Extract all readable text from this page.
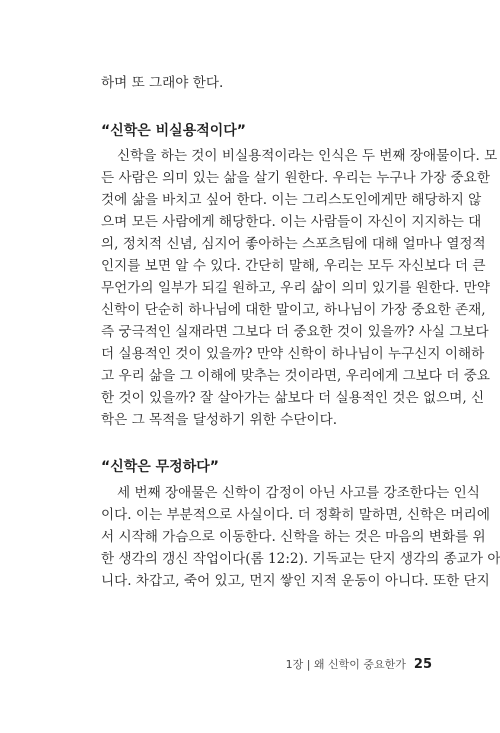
하며 또 그래야 한다.
“신학은 비실용적이다”
신학을 하는 것이 비실용적이라는 인식은 두 번째 장애물이다. 모
든 사람은 의미 있는 삶을 살기 원한다. 우리는 누구나 가장 중요한
것에 삶을 바치고 싶어 한다. 이는 그리스도인에게만 해당하지 않
으며 모든 사람에게 해당한다. 이는 사람들이 자신이 지지하는 대
의, 정치적 신념, 심지어 좋아하는 스포츠팀에 대해 얼마나 열정적
인지를 보면 알 수 있다. 간단히 말해, 우리는 모두 자신보다 더 큰
무언가의 일부가 되길 원하고, 우리 삶이 의미 있기를 원한다. 만약
신학이 단순히 하나님에 대한 말이고, 하나님이 가장 중요한 존재,
즉 궁극적인 실재라면 그보다 더 중요한 것이 있을까? 사실 그보다
더 실용적인 것이 있을까? 만약 신학이 하나님이 누구신지 이해하
고 우리 삶을 그 이해에 맞추는 것이라면, 우리에게 그보다 더 중요
한 것이 있을까? 잘 살아가는 삶보다 더 실용적인 것은 없으며, 신
학은 그 목적을 달성하기 위한 수단이다.
“신학은 무정하다”
세 번째 장애물은 신학이 감정이 아닌 사고를 강조한다는 인식
이다. 이는 부분적으로 사실이다. 더 정확히 말하면, 신학은 머리에
서 시작해 가슴으로 이동한다. 신학을 하는 것은 마음의 변화를 위
한 생각의 갱신 작업이다(롬 12:2). 기독교는 단지 생각의 종교가 아
니다. 차갑고, 죽어 있고, 먼지 쌓인 지적 운동이 아니다. 또한 단지
1장 | 왜 신학이 중요한가 25
